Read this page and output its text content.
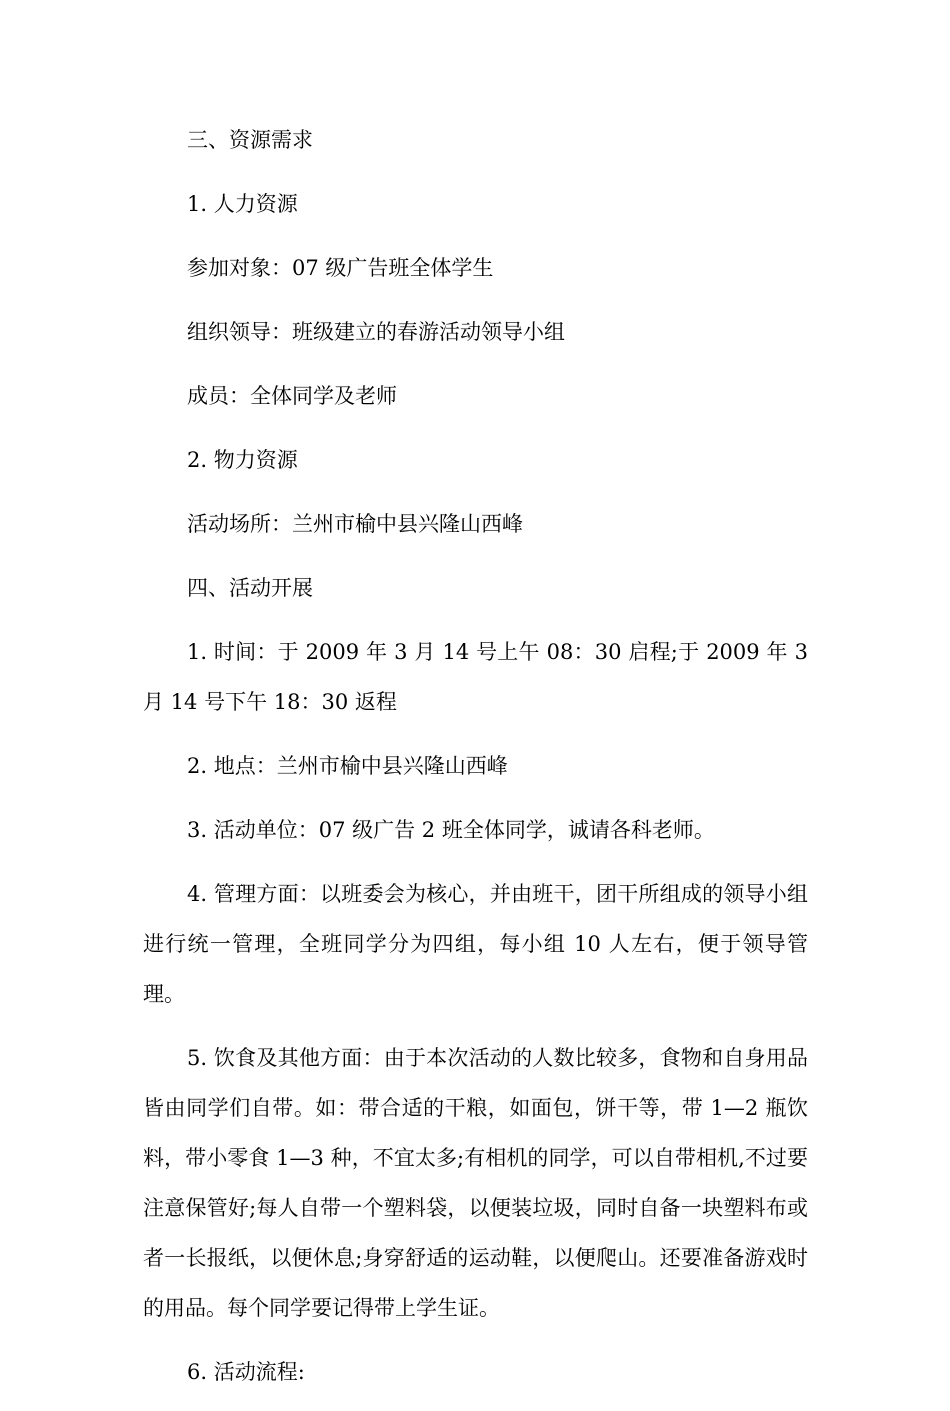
三、资源需求

1. 人力资源

参加对象：07 级广告班全体学生

组织领导：班级建立的春游活动领导小组

成员：全体同学及老师

2. 物力资源

活动场所：兰州市榆中县兴隆山西峰

四、活动开展

1. 时间：于 2009 年 3 月 14 号上午 08：30 启程;于 2009 年 3 月 14 号下午 18：30 返程

2. 地点：兰州市榆中县兴隆山西峰

3. 活动单位：07 级广告 2 班全体同学，诚请各科老师。

4. 管理方面：以班委会为核心，并由班干，团干所组成的领导小组进行统一管理，全班同学分为四组，每小组 10 人左右，便于领导管理。

5. 饮食及其他方面：由于本次活动的人数比较多，食物和自身用品皆由同学们自带。如：带合适的干粮，如面包，饼干等，带 1—2 瓶饮料，带小零食 1—3 种，不宜太多;有相机的同学，可以自带相机,不过要注意保管好;每人自带一个塑料袋，以便装垃圾，同时自备一块塑料布或者一长报纸，以便休息;身穿舒适的运动鞋，以便爬山。还要准备游戏时的用品。每个同学要记得带上学生证。

6. 活动流程:
